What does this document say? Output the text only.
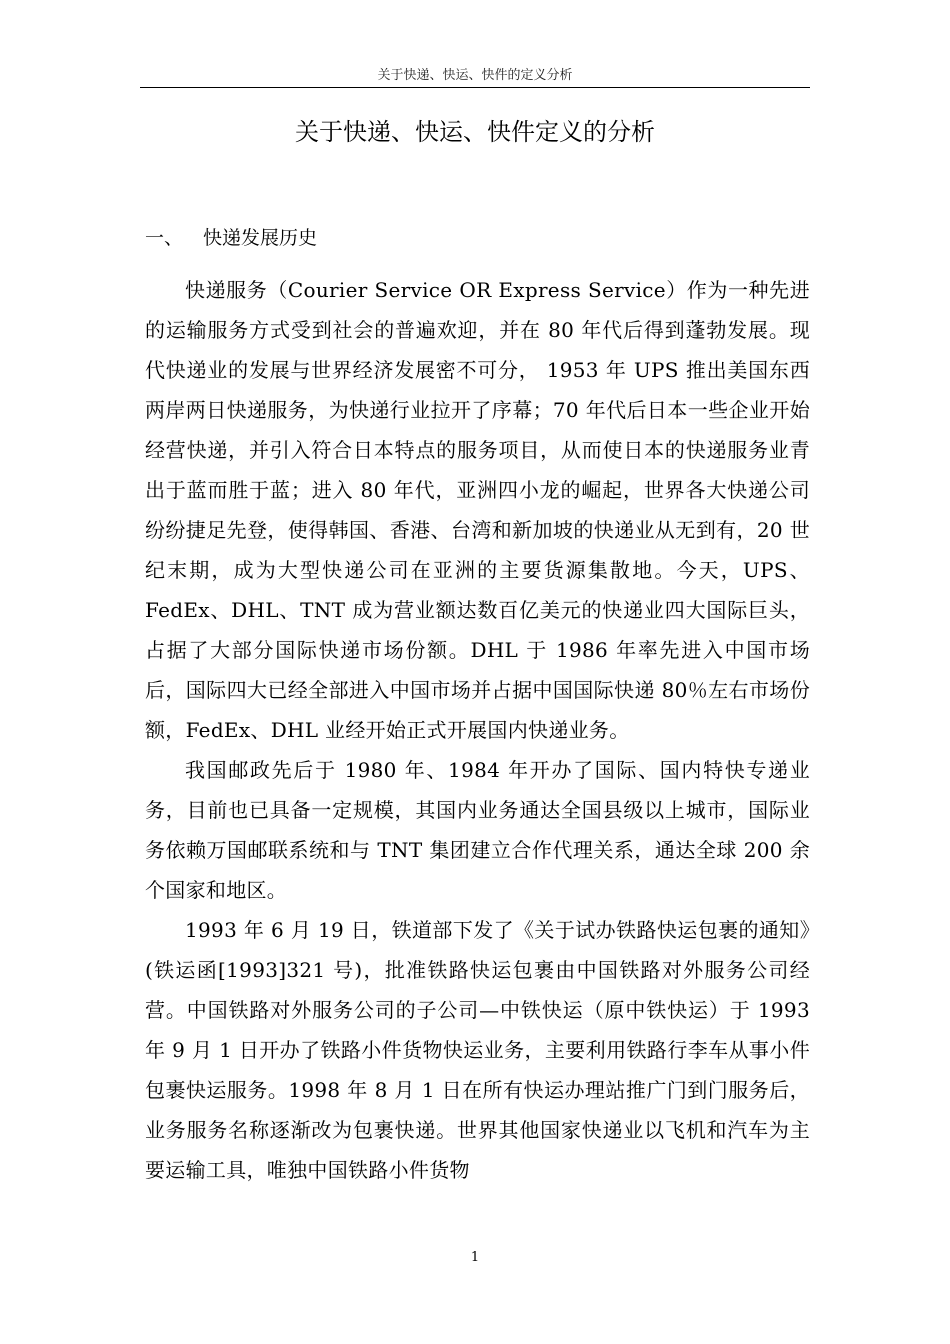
关于快递、快运、快件的定义分析
关于快递、快运、快件定义的分析
一、 快递发展历史

快递服务（Courier Service OR Express Service）作为一种先进的运输服务方式受到社会的普遍欢迎，并在 80 年代后得到蓬勃发展。现代快递业的发展与世界经济发展密不可分， 1953 年 UPS 推出美国东西两岸两日快递服务，为快递行业拉开了序幕；70 年代后日本一些企业开始经营快递，并引入符合日本特点的服务项目，从而使日本的快递服务业青出于蓝而胜于蓝；进入 80 年代，亚洲四小龙的崛起，世界各大快递公司纷纷捷足先登，使得韩国、香港、台湾和新加坡的快递业从无到有，20 世纪末期，成为大型快递公司在亚洲的主要货源集散地。今天，UPS、FedEx、DHL、TNT 成为营业额达数百亿美元的快递业四大国际巨头，占据了大部分国际快递市场份额。DHL 于 1986 年率先进入中国市场后，国际四大已经全部进入中国市场并占据中国国际快递 80％左右市场份额，FedEx、DHL 业经开始正式开展国内快递业务。

我国邮政先后于 1980 年、1984 年开办了国际、国内特快专递业务，目前也已具备一定规模，其国内业务通达全国县级以上城市，国际业务依赖万国邮联系统和与 TNT 集团建立合作代理关系，通达全球 200 余个国家和地区。

1993 年 6 月 19 日，铁道部下发了《关于试办铁路快运包裹的通知》(铁运函[1993]321 号)，批准铁路快运包裹由中国铁路对外服务公司经营。中国铁路对外服务公司的子公司—中铁快运（原中铁快运）于 1993 年 9 月 1 日开办了铁路小件货物快运业务，主要利用铁路行李车从事小件包裹快运服务。1998 年 8 月 1 日在所有快运办理站推广门到门服务后，业务服务名称逐渐改为包裹快递。世界其他国家快递业以飞机和汽车为主要运输工具，唯独中国铁路小件货物

1
